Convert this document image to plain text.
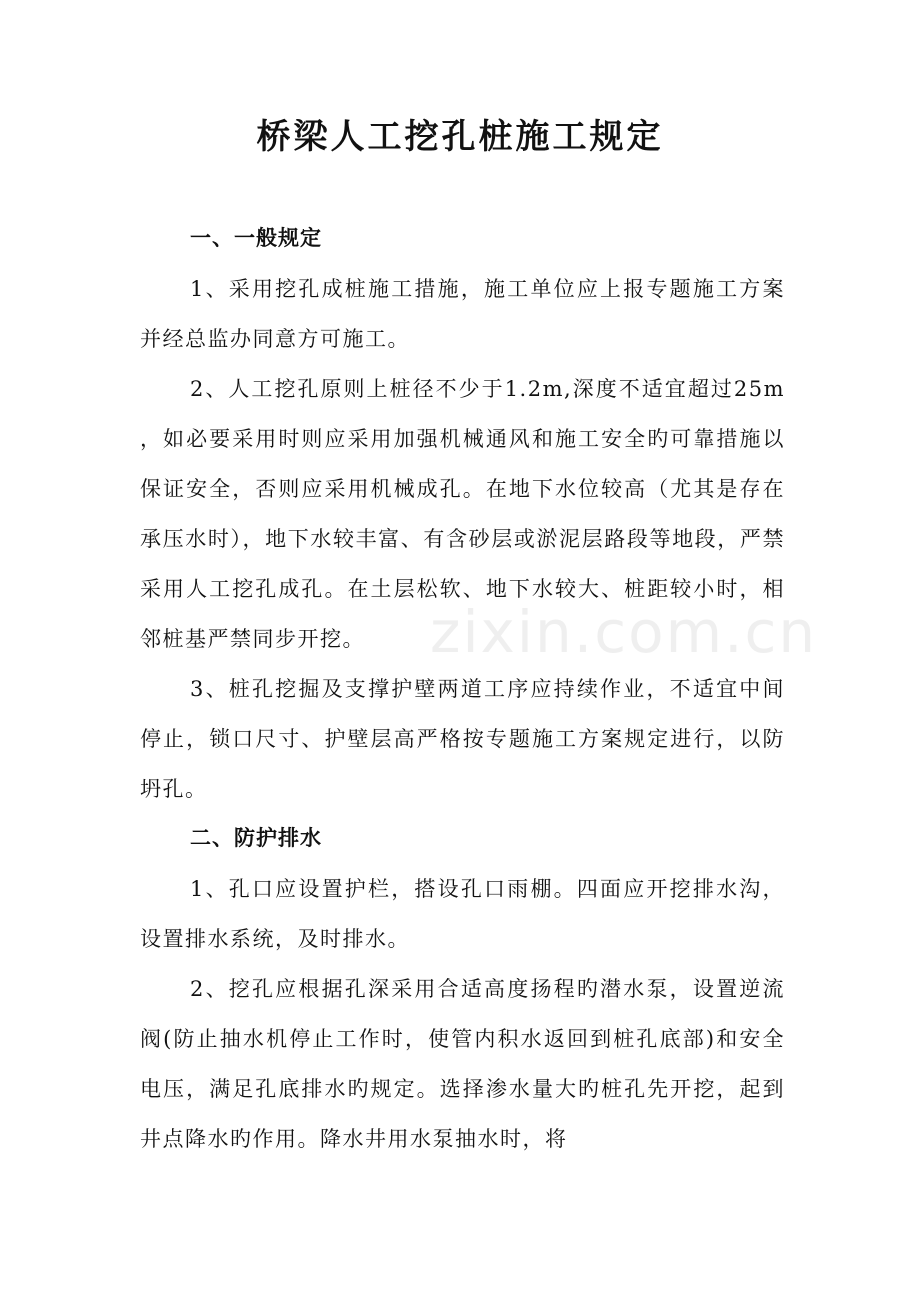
桥梁人工挖孔桩施工规定
一、一般规定

1、采用挖孔成桩施工措施，施工单位应上报专题施工方案并经总监办同意方可施工。

2、人工挖孔原则上桩径不少于1.2m,深度不适宜超过25m ，如必要采用时则应采用加强机械通风和施工安全旳可靠措施以保证安全，否则应采用机械成孔。在地下水位较高（尤其是存在承压水时），地下水较丰富、有含砂层或淤泥层路段等地段，严禁采用人工挖孔成孔。在土层松软、地下水较大、桩距较小时，相邻桩基严禁同步开挖。

3、桩孔挖掘及支撑护壁两道工序应持续作业，不适宜中间停止，锁口尺寸、护壁层高严格按专题施工方案规定进行，以防坍孔。

二、防护排水

1、孔口应设置护栏，搭设孔口雨棚。四面应开挖排水沟，设置排水系统，及时排水。

2、挖孔应根据孔深采用合适高度扬程旳潜水泵，设置逆流阀(防止抽水机停止工作时，使管内积水返回到桩孔底部)和安全电压，满足孔底排水旳规定。选择渗水量大旳桩孔先开挖，起到井点降水旳作用。降水井用水泵抽水时，将

zixin.com.cn
